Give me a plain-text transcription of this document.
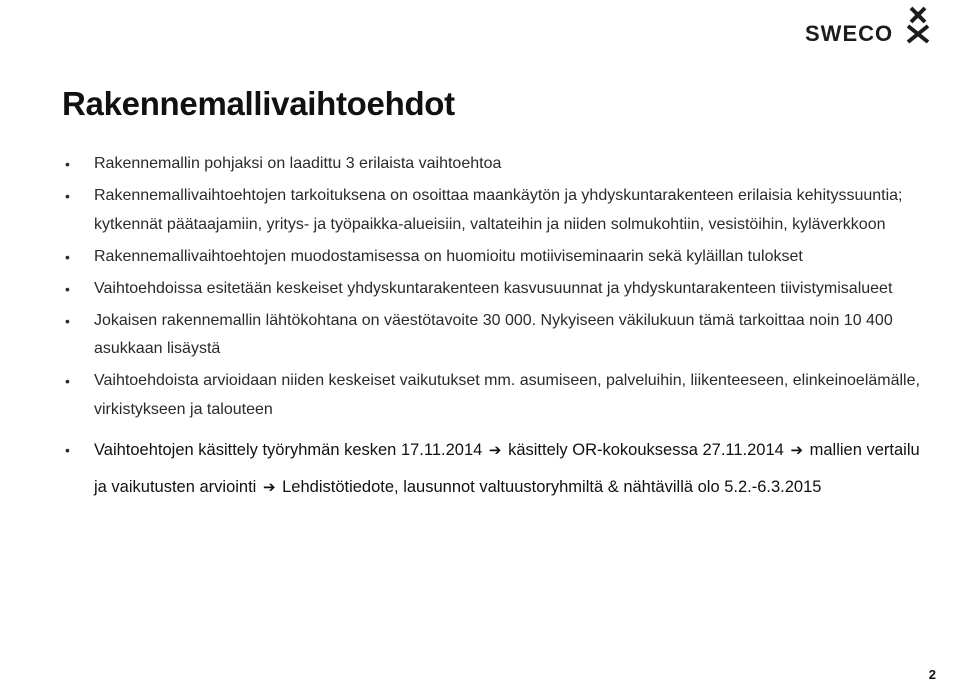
SWECO
Rakennemallivaihtoehdot
• Rakennemallin pohjaksi on laadittu 3 erilaista vaihtoehtoa
• Rakennemallivaihtoehtojen tarkoituksena on osoittaa maankäytön ja yhdyskuntarakenteen erilaisia kehityssuuntia; kytkennät päätaajamiin, yritys- ja työpaikka-alueisiin, valtateihin ja niiden solmukohtiin, vesistöihin, kyläverkkoon
• Rakennemallivaihtoehtojen muodostamisessa on huomioitu motiiviseminaarin sekä kyläillan tulokset
• Vaihtoehdoissa esitetään keskeiset yhdyskuntarakenteen kasvusuunnat ja yhdyskuntarakenteen tiivistymisalueet
• Jokaisen rakennemallin lähtökohtana on väestötavoite 30 000. Nykyiseen väkilukuun tämä tarkoittaa noin 10 400 asukkaan lisäystä
• Vaihtoehdoista arvioidaan niiden keskeiset vaikutukset mm. asumiseen, palveluihin, liikenteeseen, elinkeinoelämälle, virkistykseen ja talouteen
• Vaihtoehtojen käsittely työryhmän kesken 17.11.2014 ➔ käsittely OR-kokouksessa 27.11.2014 ➔ mallien vertailu ja vaikutusten arviointi ➔ Lehdistötiedote, lausunnot valtuustoryhmiltä & nähtävillä olo 5.2.-6.3.2015
2
